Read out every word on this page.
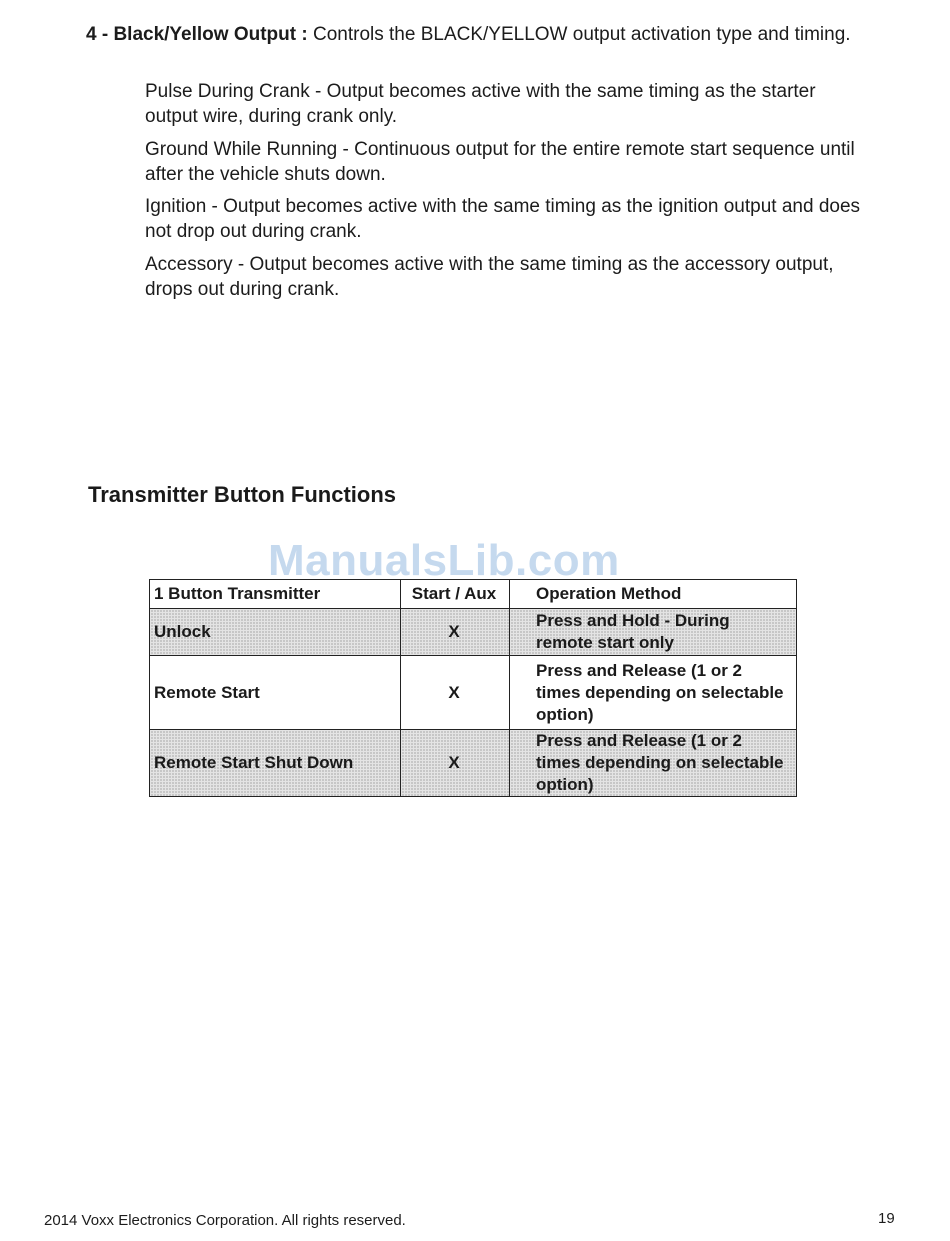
4 - Black/Yellow Output : Controls the BLACK/YELLOW output activation type and timing.
Pulse During Crank - Output becomes active with the same timing as the starter output wire, during crank only.
Ground While Running - Continuous output for the entire remote start sequence until after the vehicle shuts down.
Ignition - Output becomes active with the same timing as the ignition output and does not drop out during crank.
Accessory - Output becomes active with the same timing as the accessory output, drops out during crank.
Transmitter Button Functions
1 Button Transmitter	Start / Aux	Operation Method
Unlock	X	Press and Hold - During remote start only
Remote Start	X	Press and Release (1 or 2 times depending on selectable option)
Remote Start Shut Down	X	Press and Release (1 or 2 times depending on selectable option)
ManualsLib.com
2014 Voxx Electronics Corporation. All rights reserved.	19
